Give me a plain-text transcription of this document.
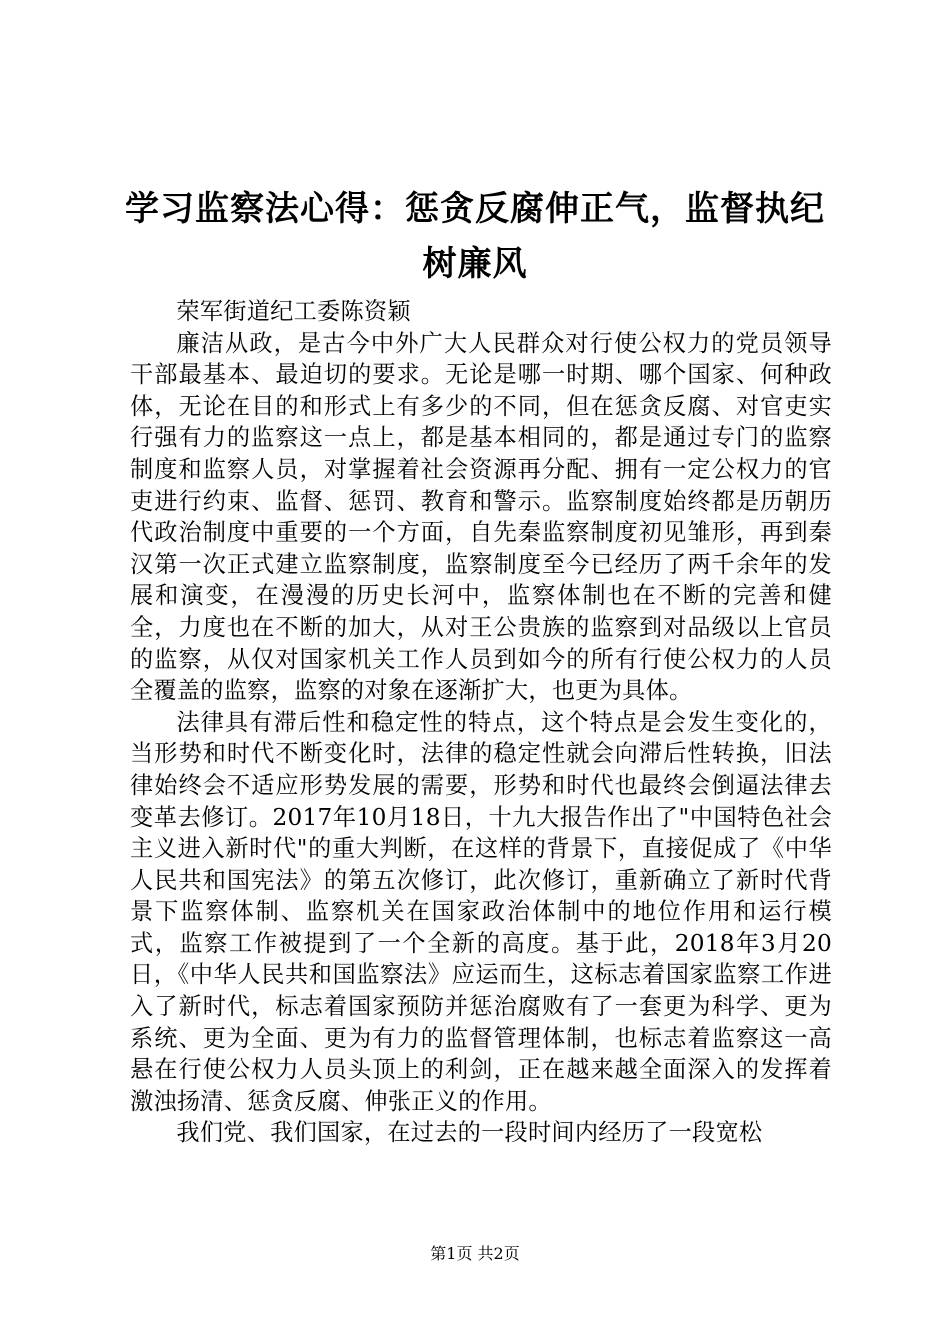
学习监察法心得：惩贪反腐伸正气，监督执纪树廉风

荣军街道纪工委陈资颖

廉洁从政，是古今中外广大人民群众对行使公权力的党员领导干部最基本、最迫切的要求。无论是哪一时期、哪个国家、何种政体，无论在目的和形式上有多少的不同，但在惩贪反腐、对官吏实行强有力的监察这一点上，都是基本相同的，都是通过专门的监察制度和监察人员，对掌握着社会资源再分配、拥有一定公权力的官吏进行约束、监督、惩罚、教育和警示。监察制度始终都是历朝历代政治制度中重要的一个方面，自先秦监察制度初见雏形，再到秦汉第一次正式建立监察制度，监察制度至今已经历了两千余年的发展和演变，在漫漫的历史长河中，监察体制也在不断的完善和健全，力度也在不断的加大，从对王公贵族的监察到对品级以上官员的监察，从仅对国家机关工作人员到如今的所有行使公权力的人员全覆盖的监察，监察的对象在逐渐扩大，也更为具体。

法律具有滞后性和稳定性的特点，这个特点是会发生变化的，当形势和时代不断变化时，法律的稳定性就会向滞后性转换，旧法律始终会不适应形势发展的需要，形势和时代也最终会倒逼法律去变革去修订。2017年10月18日，十九大报告作出了"中国特色社会主义进入新时代"的重大判断，在这样的背景下，直接促成了《中华人民共和国宪法》的第五次修订，此次修订，重新确立了新时代背景下监察体制、监察机关在国家政治体制中的地位作用和运行模式，监察工作被提到了一个全新的高度。基于此，2018年3月20日，《中华人民共和国监察法》应运而生，这标志着国家监察工作进入了新时代，标志着国家预防并惩治腐败有了一套更为科学、更为系统、更为全面、更为有力的监督管理体制，也标志着监察这一高悬在行使公权力人员头顶上的利剑，正在越来越全面深入的发挥着激浊扬清、惩贪反腐、伸张正义的作用。

我们党、我们国家，在过去的一段时间内经历了一段宽松

第1页 共2页
